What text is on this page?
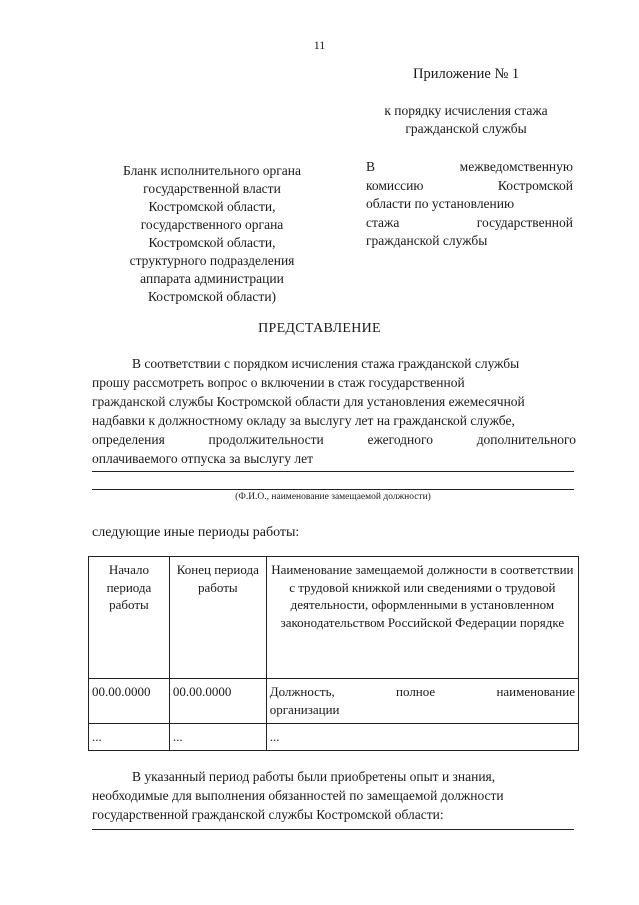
11

Приложение № 1

к порядку исчисления стажа
гражданской службы

Бланк исполнительного органа
государственной власти
Костромской области,
государственного органа
Костромской области,
структурного подразделения
аппарата администрации
Костромской области)
В	межведомственную
комиссию	Костромской
области по установлению
стажа	государственной
гражданской службы

ПРЕДСТАВЛЕНИЕ

В соответствии с порядком исчисления стажа гражданской службы
прошу рассмотреть вопрос о включении в стаж государственной
гражданской службы Костромской области для установления ежемесячной
надбавки к должностному окладу за выслугу лет на гражданской службе,
определения	продолжительности	ежегодного	дополнительного
оплачиваемого отпуска за выслугу лет

(Ф.И.О., наименование замещаемой должности)

следующие иные периоды работы:

Начало периода работы	Конец периода работы	Наименование замещаемой должности в соответствии с трудовой книжкой или сведениями о трудовой деятельности, оформленными в установленном законодательством Российской Федерации порядке
00.00.0000	00.00.0000	Должность, полное наименование
организации

...	...	...
В указанный период работы были приобретены опыт и знания,
необходимые для выполнения обязанностей по замещаемой должности
государственной гражданской службы Костромской области:
